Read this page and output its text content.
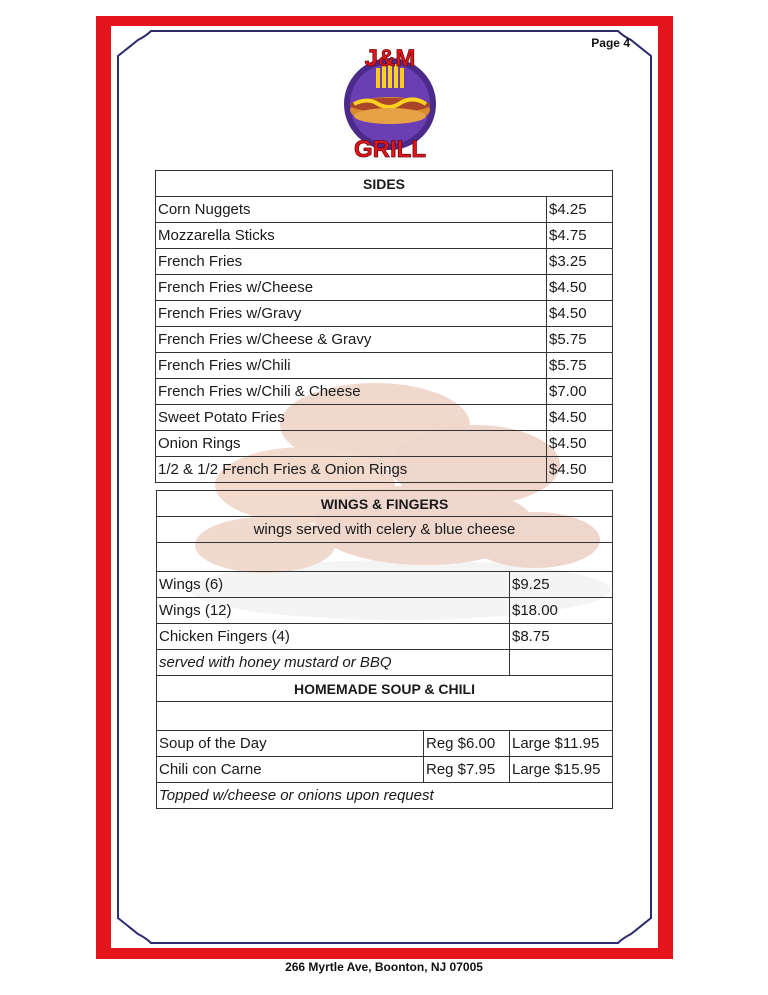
Page 4
J&M
GRILL
SIDES	
Corn Nuggets	$4.25
Mozzarella Sticks	$4.75
French Fries	$3.25
French Fries w/Cheese	$4.50
French Fries w/Gravy	$4.50
French Fries w/Cheese & Gravy	$5.75
French Fries w/Chili	$5.75
French Fries w/Chili & Cheese	$7.00
Sweet Potato Fries	$4.50
Onion Rings	$4.50
1/2 & 1/2 French Fries & Onion Rings	$4.50
WINGS & FINGERS		
wings served with celery & blue cheese		

Wings (6)		$9.25
Wings (12)		$18.00
Chicken Fingers (4)		$8.75
served with honey mustard or BBQ		
HOMEMADE SOUP & CHILI		

Soup of the Day	Reg $6.00	Large $11.95
Chili con Carne	Reg $7.95	Large $15.95
Topped w/cheese or onions upon request		
266 Myrtle Ave, Boonton, NJ 07005
